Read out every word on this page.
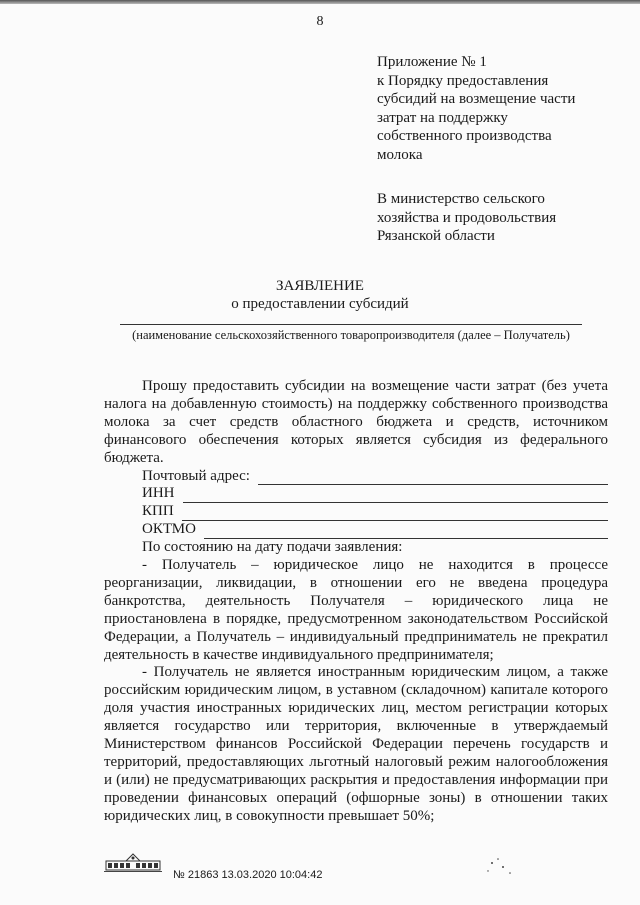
8
Приложение № 1
к Порядку предоставления
субсидий на возмещение части
затрат на поддержку
собственного производства
молока
В министерство сельского
хозяйства и продовольствия
Рязанской области
ЗАЯВЛЕНИЕ
о предоставлении субсидий
(наименование сельскохозяйственного товаропроизводителя (далее – Получатель)

Прошу предоставить субсидии на возмещение части затрат (без учета налога на добавленную стоимость) на поддержку собственного производства молока за счет средств областного бюджета и средств, источником финансового обеспечения которых является субсидия из федерального бюджета.

Почтовый адрес:
ИНН
КПП
ОКТМО

По состоянию на дату подачи заявления:

- Получатель – юридическое лицо не находится в процессе реорганизации, ликвидации, в отношении его не введена процедура банкротства, деятельность Получателя – юридического лица не приостановлена в порядке, предусмотренном законодательством Российской Федерации, а Получатель – индивидуальный предприниматель не прекратил деятельность в качестве индивидуального предпринимателя;

- Получатель не является иностранным юридическим лицом, а также российским юридическим лицом, в уставном (складочном) капитале которого доля участия иностранных юридических лиц, местом регистрации которых является государство или территория, включенные в утверждаемый Министерством финансов Российской Федерации перечень государств и территорий, предоставляющих льготный налоговый режим налогообложения и (или) не предусматривающих раскрытия и предоставления информации при проведении финансовых операций (офшорные зоны) в отношении таких юридических лиц, в совокупности превышает 50%;

№ 21863 13.03.2020 10:04:42
